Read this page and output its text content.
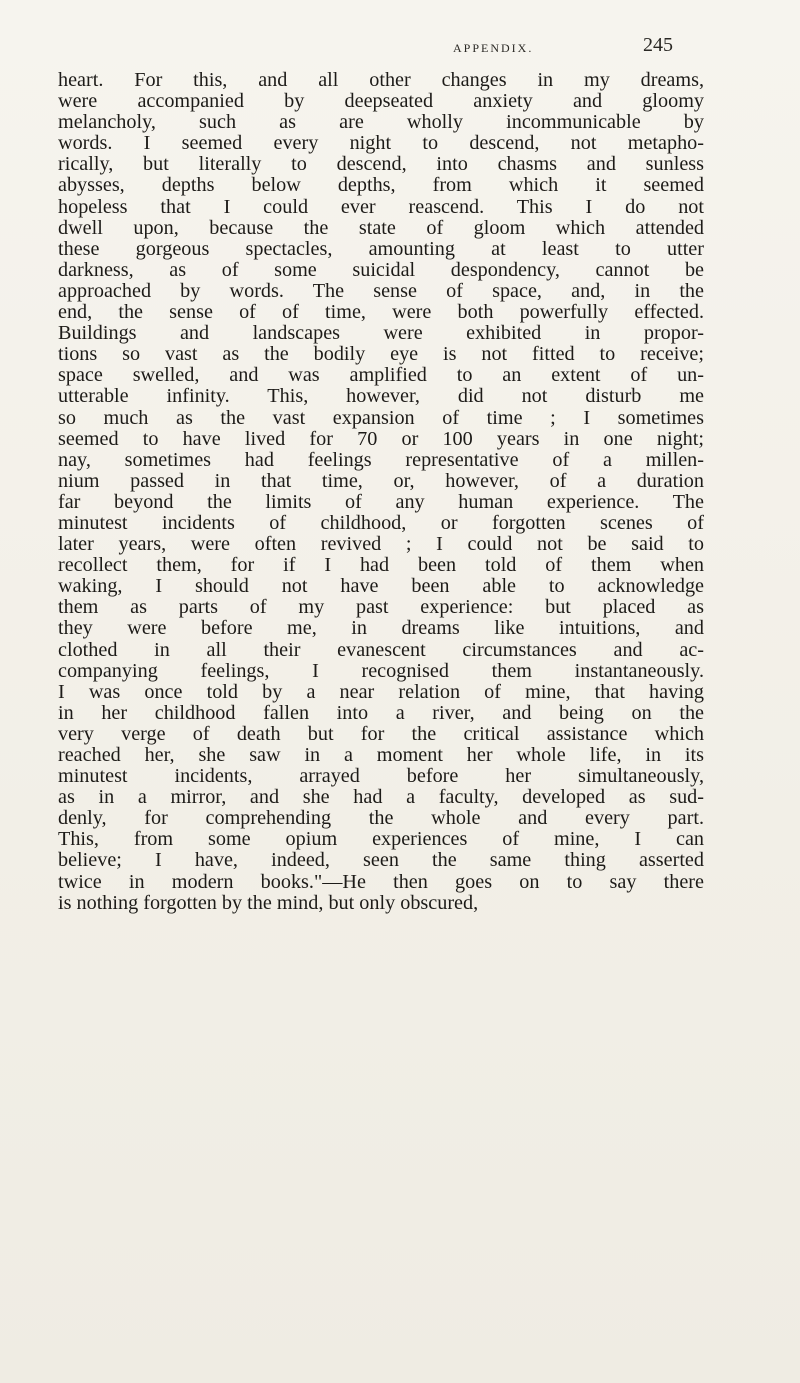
APPENDIX.	245
heart. For this, and all other changes in my dreams,
were accompanied by deepseated anxiety and gloomy
melancholy, such as are wholly incommunicable by
words. I seemed every night to descend, not metapho-
rically, but literally to descend, into chasms and sunless
abysses, depths below depths, from which it seemed
hopeless that I could ever reascend. This I do not
dwell upon, because the state of gloom which attended
these gorgeous spectacles, amounting at least to utter
darkness, as of some suicidal despondency, cannot be
approached by words. The sense of space, and, in the
end, the sense of of time, were both powerfully effected.
Buildings and landscapes were exhibited in propor-
tions so vast as the bodily eye is not fitted to receive;
space swelled, and was amplified to an extent of un-
utterable infinity. This, however, did not disturb me
so much as the vast expansion of time ; I sometimes
seemed to have lived for 70 or 100 years in one night;
nay, sometimes had feelings representative of a millen-
nium passed in that time, or, however, of a duration
far beyond the limits of any human experience. The
minutest incidents of childhood, or forgotten scenes of
later years, were often revived ; I could not be said to
recollect them, for if I had been told of them when
waking, I should not have been able to acknowledge
them as parts of my past experience: but placed as
they were before me, in dreams like intuitions, and
clothed in all their evanescent circumstances and ac-
companying feelings, I recognised them instantaneously.
I was once told by a near relation of mine, that having
in her childhood fallen into a river, and being on the
very verge of death but for the critical assistance which
reached her, she saw in a moment her whole life, in its
minutest incidents, arrayed before her simultaneously,
as in a mirror, and she had a faculty, developed as sud-
denly, for comprehending the whole and every part.
This, from some opium experiences of mine, I can
believe; I have, indeed, seen the same thing asserted
twice in modern books."—He then goes on to say there
is nothing forgotten by the mind, but only obscured,
